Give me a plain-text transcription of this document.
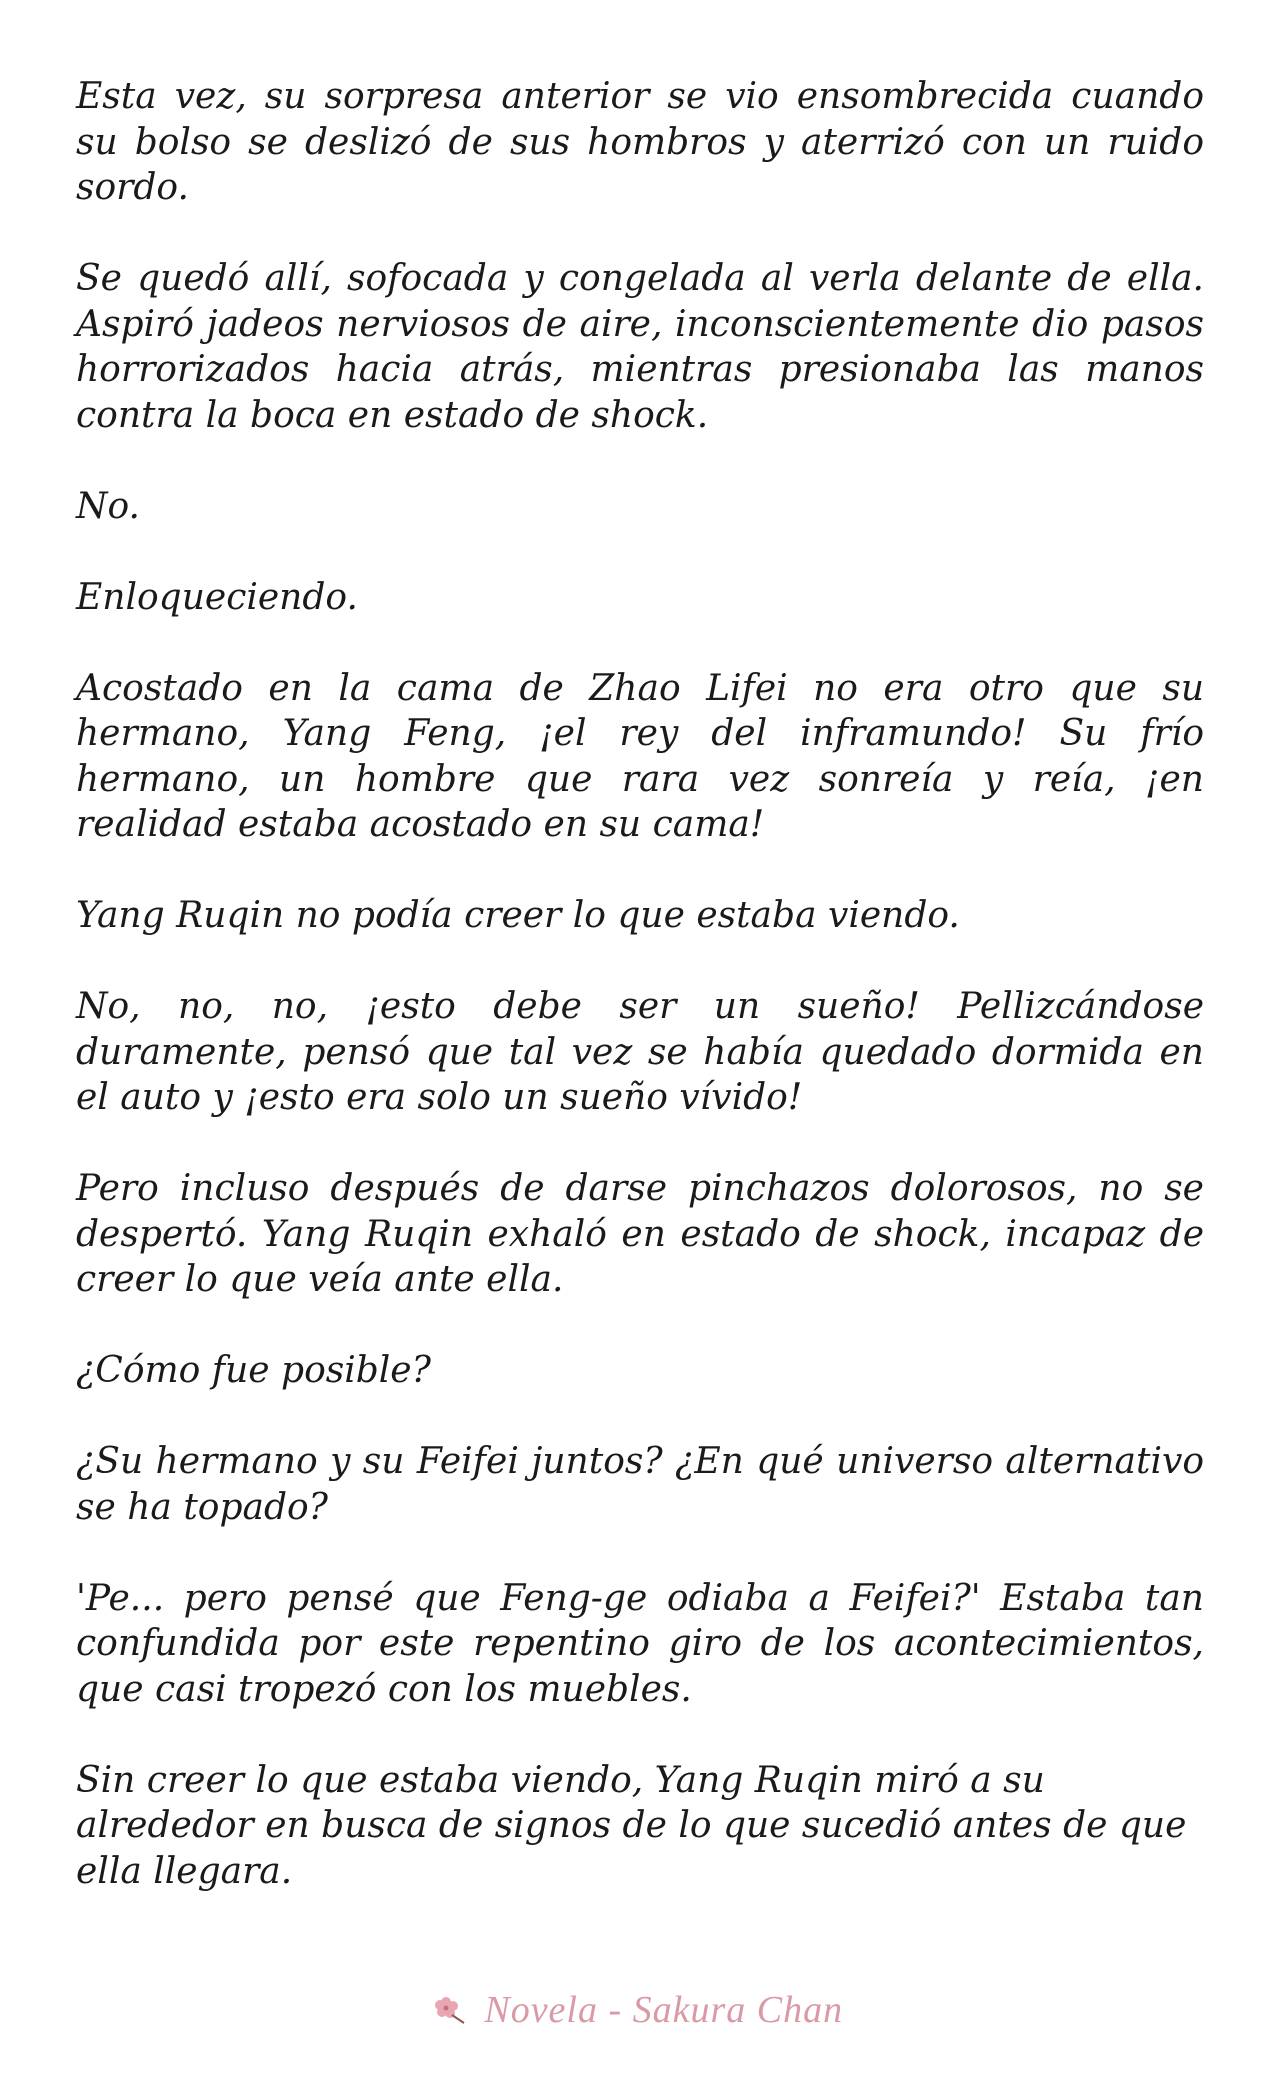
Esta vez, su sorpresa anterior se vio ensombrecida cuando su bolso se deslizó de sus hombros y aterrizó con un ruido sordo.

Se quedó allí, sofocada y congelada al verla delante de ella. Aspiró jadeos nerviosos de aire, inconscientemente dio pasos horrorizados hacia atrás, mientras presionaba las manos contra la boca en estado de shock.

No.

Enloqueciendo.

Acostado en la cama de Zhao Lifei no era otro que su hermano, Yang Feng, ¡el rey del inframundo! Su frío hermano, un hombre que rara vez sonreía y reía, ¡en realidad estaba acostado en su cama!

Yang Ruqin no podía creer lo que estaba viendo.

No, no, no, ¡esto debe ser un sueño! Pellizcándose duramente, pensó que tal vez se había quedado dormida en el auto y ¡esto era solo un sueño vívido!

Pero incluso después de darse pinchazos dolorosos, no se despertó. Yang Ruqin exhaló en estado de shock, incapaz de creer lo que veía ante ella.

¿Cómo fue posible?

¿Su hermano y su Feifei juntos? ¿En qué universo alternativo se ha topado?

'Pe... pero pensé que Feng-ge odiaba a Feifei?' Estaba tan confundida por este repentino giro de los acontecimientos, que casi tropezó con los muebles.

Sin creer lo que estaba viendo, Yang Ruqin miró a su alrededor en busca de signos de lo que sucedió antes de que ella llegara.

Novela - Sakura Chan
